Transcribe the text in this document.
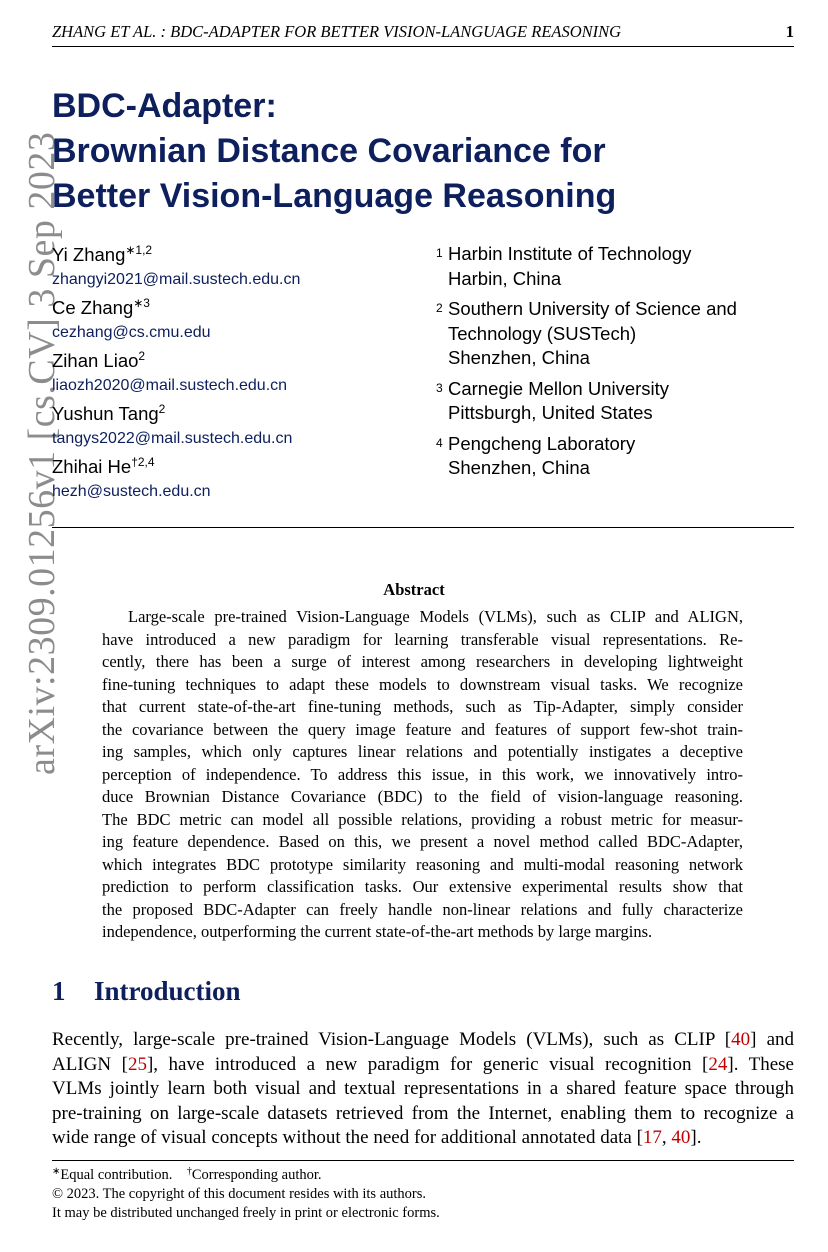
ZHANG ET AL. : BDC-ADAPTER FOR BETTER VISION-LANGUAGE REASONING	1
arXiv:2309.01256v1 [cs.CV] 3 Sep 2023
BDC-Adapter:
Brownian Distance Covariance for
Better Vision-Language Reasoning
Yi Zhang$^{∗1,2}$
zhangyi2021@mail.sustech.edu.cn
Ce Zhang$^{∗3}$
cezhang@cs.cmu.edu
Zihan Liao$^2$
liaozh2020@mail.sustech.edu.cn
Yushun Tang$^2$
tangys2022@mail.sustech.edu.cn
Zhihai He$^{\dagger 2,4}$
hezh@sustech.edu.cn
1 Harbin Institute of Technology
Harbin, China
2 Southern University of Science and
Technology (SUSTech)
Shenzhen, China
3 Carnegie Mellon University
Pittsburgh, United States
4 Pengcheng Laboratory
Shenzhen, China
Abstract
Large-scale pre-trained Vision-Language Models (VLMs), such as CLIP and ALIGN,
have introduced a new paradigm for learning transferable visual representations. Re-
cently, there has been a surge of interest among researchers in developing lightweight
fine-tuning techniques to adapt these models to downstream visual tasks. We recognize
that current state-of-the-art fine-tuning methods, such as Tip-Adapter, simply consider
the covariance between the query image feature and features of support few-shot train-
ing samples, which only captures linear relations and potentially instigates a deceptive
perception of independence. To address this issue, in this work, we innovatively intro-
duce Brownian Distance Covariance (BDC) to the field of vision-language reasoning.
The BDC metric can model all possible relations, providing a robust metric for measur-
ing feature dependence. Based on this, we present a novel method called BDC-Adapter,
which integrates BDC prototype similarity reasoning and multi-modal reasoning network
prediction to perform classification tasks. Our extensive experimental results show that
the proposed BDC-Adapter can freely handle non-linear relations and fully characterize
independence, outperforming the current state-of-the-art methods by large margins.
1 Introduction
Recently, large-scale pre-trained Vision-Language Models (VLMs), such as CLIP [40] and
ALIGN [25], have introduced a new paradigm for generic visual recognition [24]. These
VLMs jointly learn both visual and textual representations in a shared feature space through
pre-training on large-scale datasets retrieved from the Internet, enabling them to recognize a
wide range of visual concepts without the need for additional annotated data [17, 40].
∗Equal contribution. †Corresponding author.
© 2023. The copyright of this document resides with its authors.
It may be distributed unchanged freely in print or electronic forms.
